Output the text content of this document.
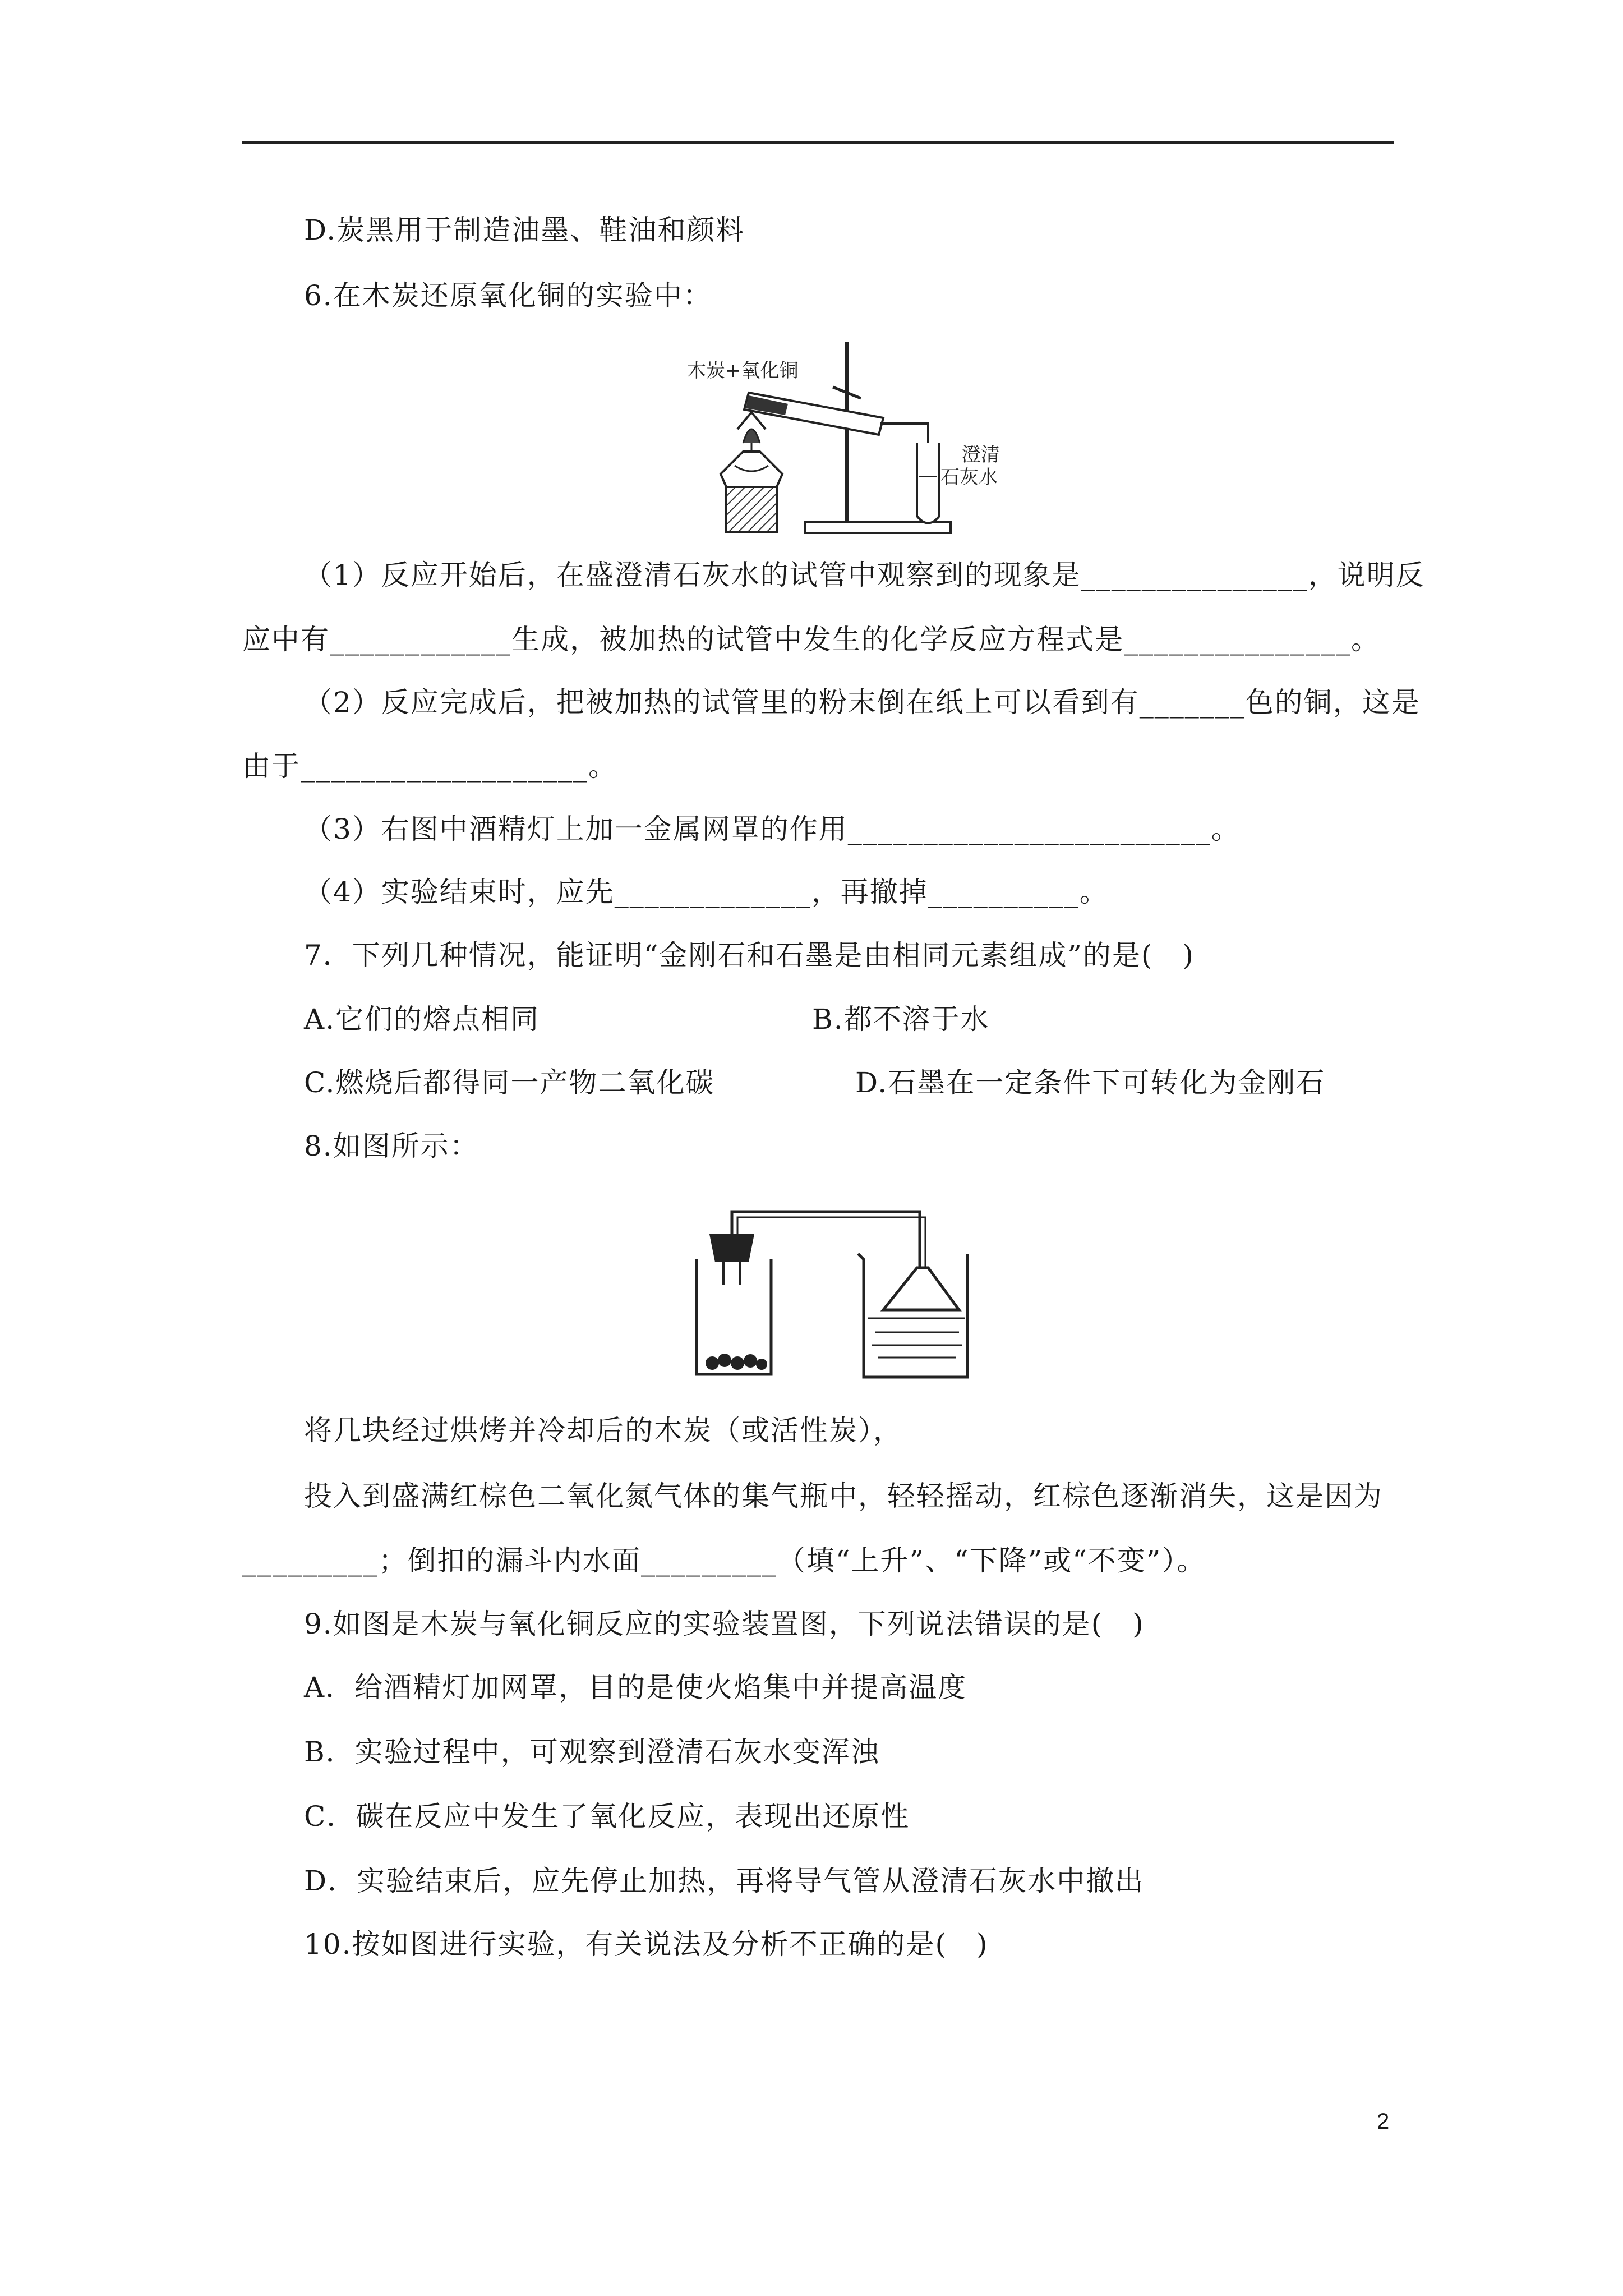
D.炭黑用于制造油墨、鞋油和颜料
6.在木炭还原氧化铜的实验中：
木炭+氧化铜
澄清
石灰水
（1）反应开始后，在盛澄清石灰水的试管中观察到的现象是_______________，说明反
应中有____________生成，被加热的试管中发生的化学反应方程式是_______________。
（2）反应完成后，把被加热的试管里的粉末倒在纸上可以看到有_______色的铜，这是
由于___________________。
（3）右图中酒精灯上加一金属网罩的作用________________________。
（4）实验结束时，应先_____________，再撤掉__________。
7．下列几种情况，能证明“金刚石和石墨是由相同元素组成”的是(　)
A.它们的熔点相同	B.都不溶于水
C.燃烧后都得同一产物二氧化碳	D.石墨在一定条件下可转化为金刚石
8.如图所示：
将几块经过烘烤并冷却后的木炭（或活性炭），
投入到盛满红棕色二氧化氮气体的集气瓶中，轻轻摇动，红棕色逐渐消失，这是因为
_________；倒扣的漏斗内水面_________（填“上升”、“下降”或“不变”）。
9.如图是木炭与氧化铜反应的实验装置图，下列说法错误的是(　)
A．给酒精灯加网罩，目的是使火焰集中并提高温度
B．实验过程中，可观察到澄清石灰水变浑浊
C．碳在反应中发生了氧化反应，表现出还原性
D．实验结束后，应先停止加热，再将导气管从澄清石灰水中撤出
10.按如图进行实验，有关说法及分析不正确的是(　)
2
